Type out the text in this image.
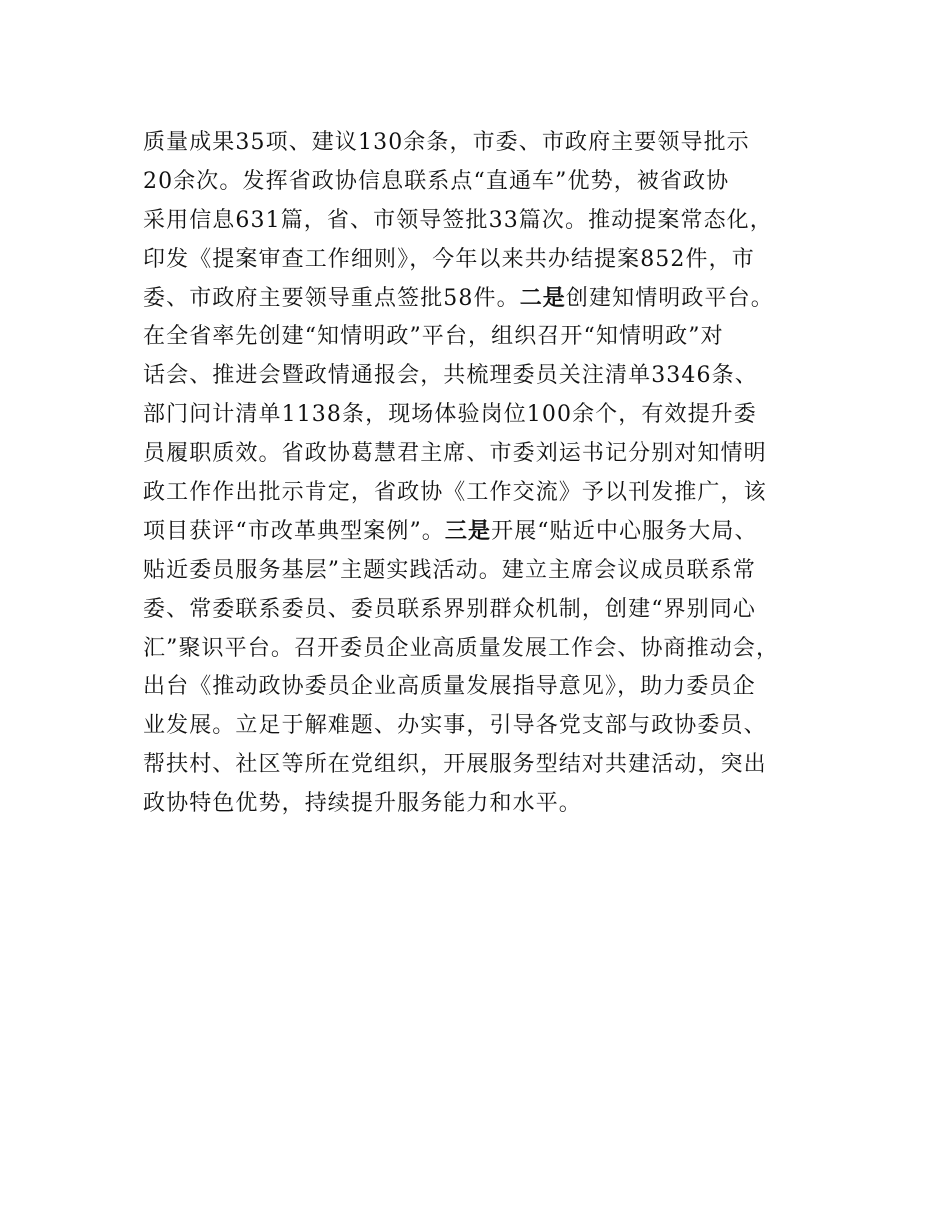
质量成果35项、建议130余条，市委、市政府主要领导批示
20余次。发挥省政协信息联系点“直通车”优势，被省政协
采用信息631篇，省、市领导签批33篇次。推动提案常态化，
印发《提案审查工作细则》，今年以来共办结提案852件，市
委、市政府主要领导重点签批58件。二是创建知情明政平台。
在全省率先创建“知情明政”平台，组织召开“知情明政”对
话会、推进会暨政情通报会，共梳理委员关注清单3346条、
部门问计清单1138条，现场体验岗位100余个，有效提升委
员履职质效。省政协葛慧君主席、市委刘运书记分别对知情明
政工作作出批示肯定，省政协《工作交流》予以刊发推广，该
项目获评“市改革典型案例”。三是开展“贴近中心服务大局、
贴近委员服务基层”主题实践活动。建立主席会议成员联系常
委、常委联系委员、委员联系界别群众机制，创建“界别同心
汇”聚识平台。召开委员企业高质量发展工作会、协商推动会，
出台《推动政协委员企业高质量发展指导意见》，助力委员企
业发展。立足于解难题、办实事，引导各党支部与政协委员、
帮扶村、社区等所在党组织，开展服务型结对共建活动，突出
政协特色优势，持续提升服务能力和水平。
